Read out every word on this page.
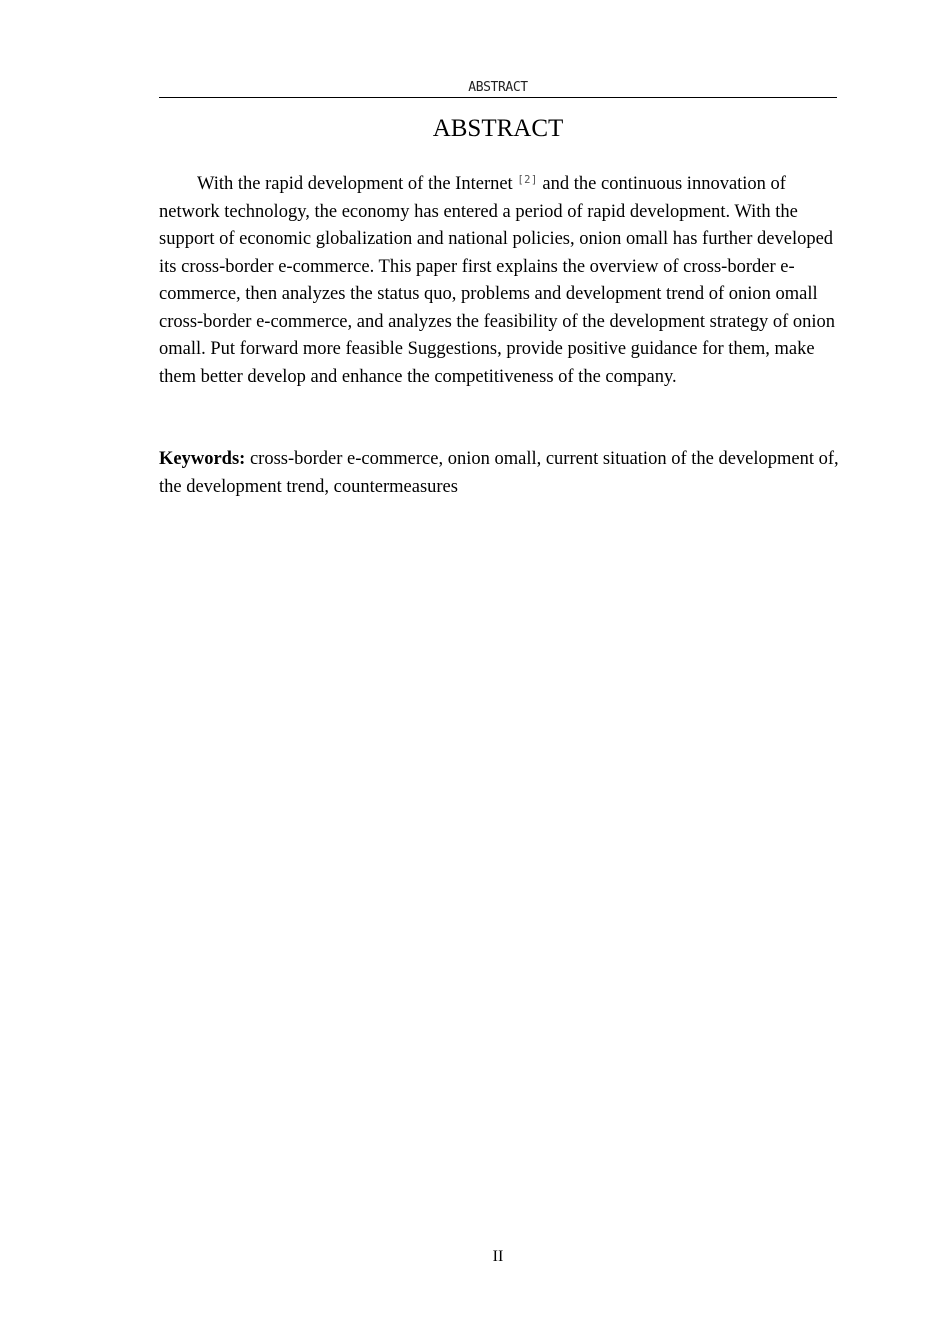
ABSTRACT
ABSTRACT

With the rapid development of the Internet [2] and the continuous innovation of network technology, the economy has entered a period of rapid development. With the support of economic globalization and national policies, onion omall has further developed its cross-border e-commerce. This paper first explains the overview of cross-border e-commerce, then analyzes the status quo, problems and development trend of onion omall cross-border e-commerce, and analyzes the feasibility of the development strategy of onion omall. Put forward more feasible Suggestions, provide positive guidance for them, make them better develop and enhance the competitiveness of the company.

Keywords: cross-border e-commerce, onion omall, current situation of the development of, the development trend, countermeasures

II
